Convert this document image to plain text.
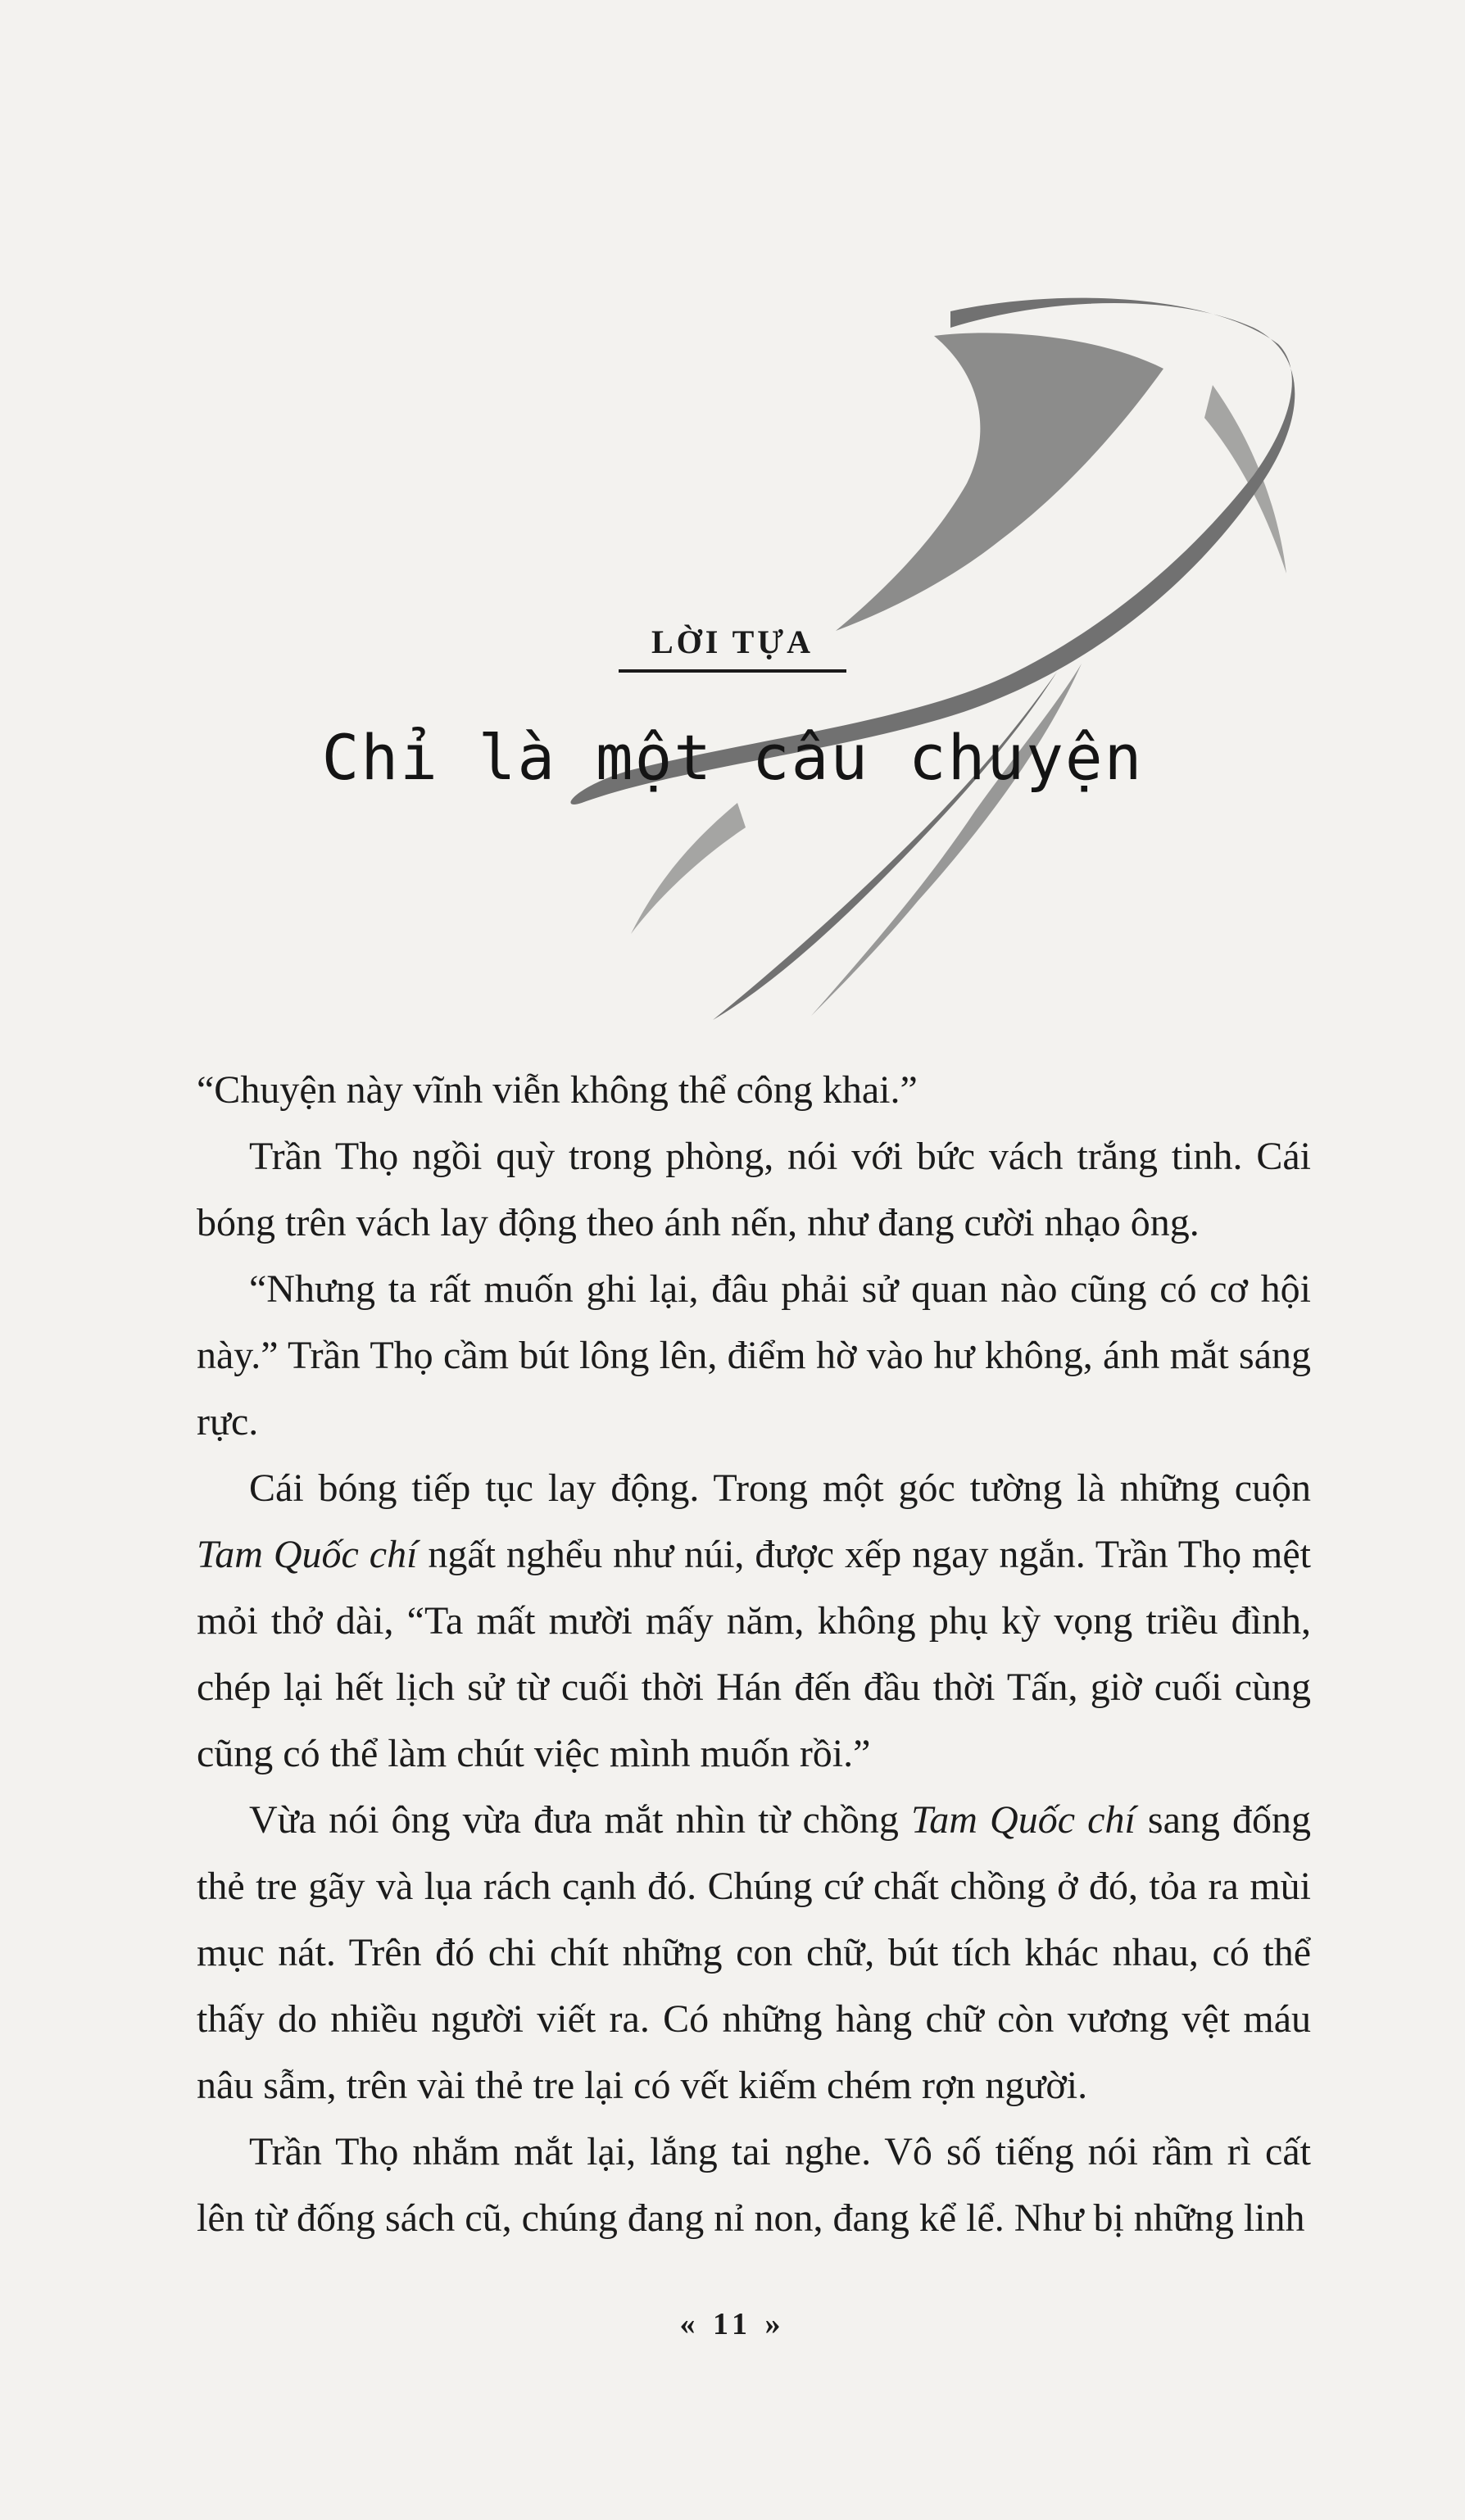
LỜI TỰA
Chỉ là một câu chuyện

“Chuyện này vĩnh viễn không thể công khai.”

Trần Thọ ngồi quỳ trong phòng, nói với bức vách trắng tinh. Cái bóng trên vách lay động theo ánh nến, như đang cười nhạo ông.

“Nhưng ta rất muốn ghi lại, đâu phải sử quan nào cũng có cơ hội này.” Trần Thọ cầm bút lông lên, điểm hờ vào hư không, ánh mắt sáng rực.

Cái bóng tiếp tục lay động. Trong một góc tường là những cuộn Tam Quốc chí ngất nghểu như núi, được xếp ngay ngắn. Trần Thọ mệt mỏi thở dài, “Ta mất mười mấy năm, không phụ kỳ vọng triều đình, chép lại hết lịch sử từ cuối thời Hán đến đầu thời Tấn, giờ cuối cùng cũng có thể làm chút việc mình muốn rồi.”

Vừa nói ông vừa đưa mắt nhìn từ chồng Tam Quốc chí sang đống thẻ tre gãy và lụa rách cạnh đó. Chúng cứ chất chồng ở đó, tỏa ra mùi mục nát. Trên đó chi chít những con chữ, bút tích khác nhau, có thể thấy do nhiều người viết ra. Có những hàng chữ còn vương vệt máu nâu sẫm, trên vài thẻ tre lại có vết kiếm chém rợn người.

Trần Thọ nhắm mắt lại, lắng tai nghe. Vô số tiếng nói rầm rì cất lên từ đống sách cũ, chúng đang nỉ non, đang kể lể. Như bị những linh

« 11 »
